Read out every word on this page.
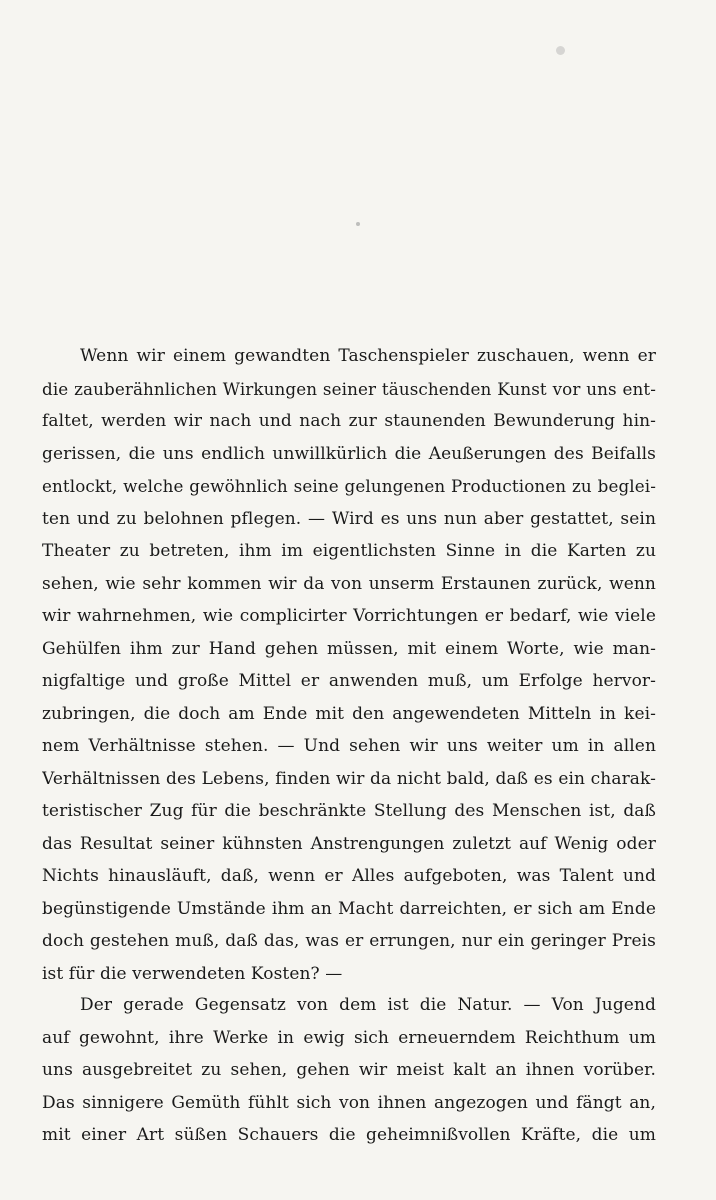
Wenn wir einem gewandten Taschenspieler zuschauen, wenn er
die zauberähnlichen Wirkungen seiner täuschenden Kunst vor uns ent-
faltet, werden wir nach und nach zur staunenden Bewunderung hin-
gerissen, die uns endlich unwillkürlich die Aeußerungen des Beifalls
entlockt, welche gewöhnlich seine gelungenen Productionen zu beglei-
ten und zu belohnen pflegen. — Wird es uns nun aber gestattet, sein
Theater zu betreten, ihm im eigentlichsten Sinne in die Karten zu
sehen, wie sehr kommen wir da von unserm Erstaunen zurück, wenn
wir wahrnehmen, wie complicirter Vorrichtungen er bedarf, wie viele
Gehülfen ihm zur Hand gehen müssen, mit einem Worte, wie man-
nigfaltige und große Mittel er anwenden muß, um Erfolge hervor-
zubringen, die doch am Ende mit den angewendeten Mitteln in kei-
nem Verhältnisse stehen. — Und sehen wir uns weiter um in allen
Verhältnissen des Lebens, finden wir da nicht bald, daß es ein charak-
teristischer Zug für die beschränkte Stellung des Menschen ist, daß
das Resultat seiner kühnsten Anstrengungen zuletzt auf Wenig oder
Nichts hinausläuft, daß, wenn er Alles aufgeboten, was Talent und
begünstigende Umstände ihm an Macht darreichten, er sich am Ende
doch gestehen muß, daß das, was er errungen, nur ein geringer Preis
ist für die verwendeten Kosten? —
Der gerade Gegensatz von dem ist die Natur. — Von Jugend
auf gewohnt, ihre Werke in ewig sich erneuerndem Reichthum um
uns ausgebreitet zu sehen, gehen wir meist kalt an ihnen vorüber.
Das sinnigere Gemüth fühlt sich von ihnen angezogen und fängt an,
mit einer Art süßen Schauers die geheimnißvollen Kräfte, die um
